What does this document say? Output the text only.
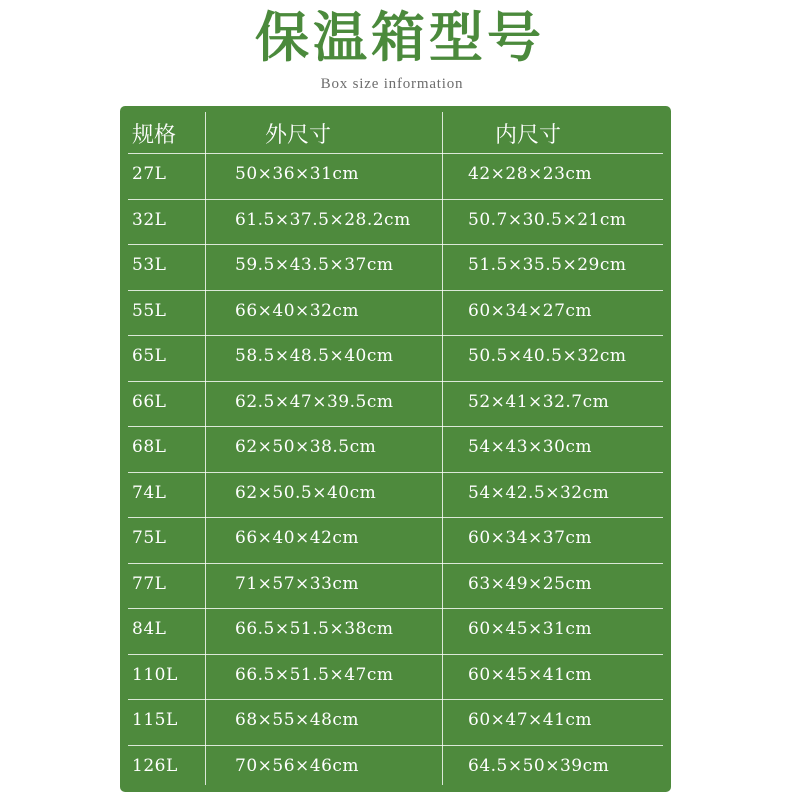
保温箱型号
Box size information
规格	外尺寸	内尺寸
27L	50×36×31cm	42×28×23cm
32L	61.5×37.5×28.2cm	50.7×30.5×21cm
53L	59.5×43.5×37cm	51.5×35.5×29cm
55L	66×40×32cm	60×34×27cm
65L	58.5×48.5×40cm	50.5×40.5×32cm
66L	62.5×47×39.5cm	52×41×32.7cm
68L	62×50×38.5cm	54×43×30cm
74L	62×50.5×40cm	54×42.5×32cm
75L	66×40×42cm	60×34×37cm
77L	71×57×33cm	63×49×25cm
84L	66.5×51.5×38cm	60×45×31cm
110L	66.5×51.5×47cm	60×45×41cm
115L	68×55×48cm	60×47×41cm
126L	70×56×46cm	64.5×50×39cm
